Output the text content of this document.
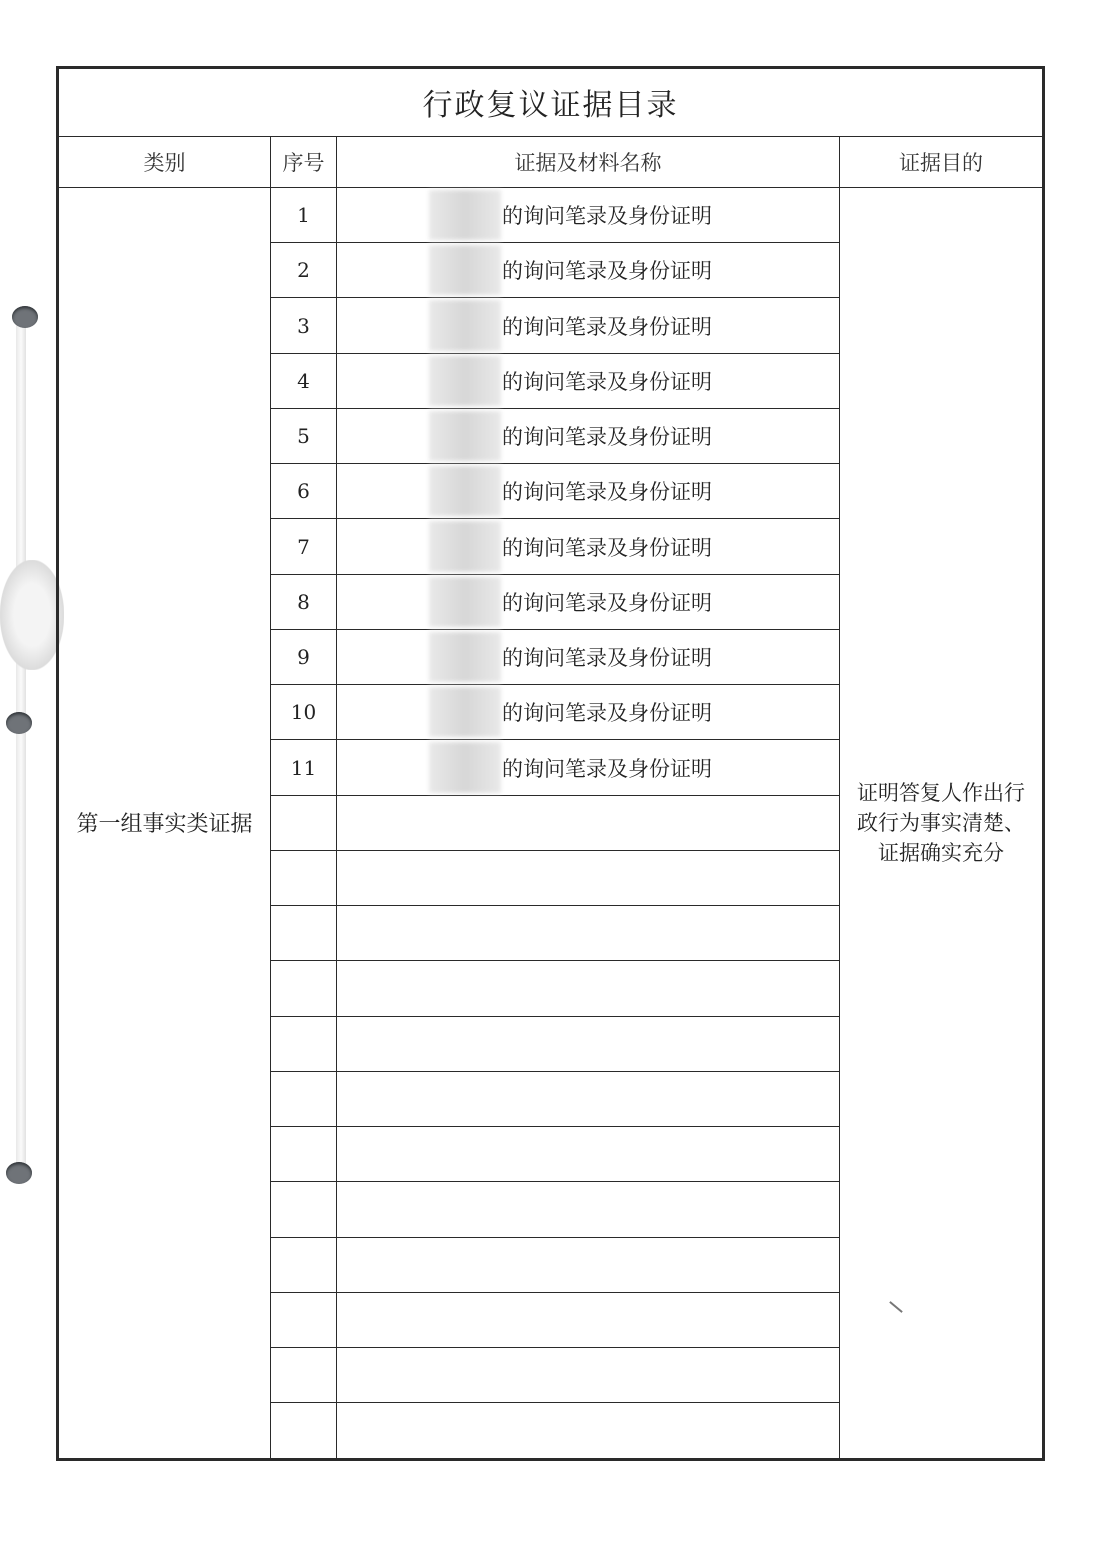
行政复议证据目录			
类别	序号	证据及材料名称	证据目的
第一组事实类证据	1	的询问笔录及身份证明	证明答复人作出行政行为事实清楚、证据确实充分
	2	的询问笔录及身份证明	
	3	的询问笔录及身份证明	
	4	的询问笔录及身份证明	
	5	的询问笔录及身份证明	
	6	的询问笔录及身份证明	
	7	的询问笔录及身份证明	
	8	的询问笔录及身份证明	
	9	的询问笔录及身份证明	
	10	的询问笔录及身份证明	
	11	的询问笔录及身份证明	
